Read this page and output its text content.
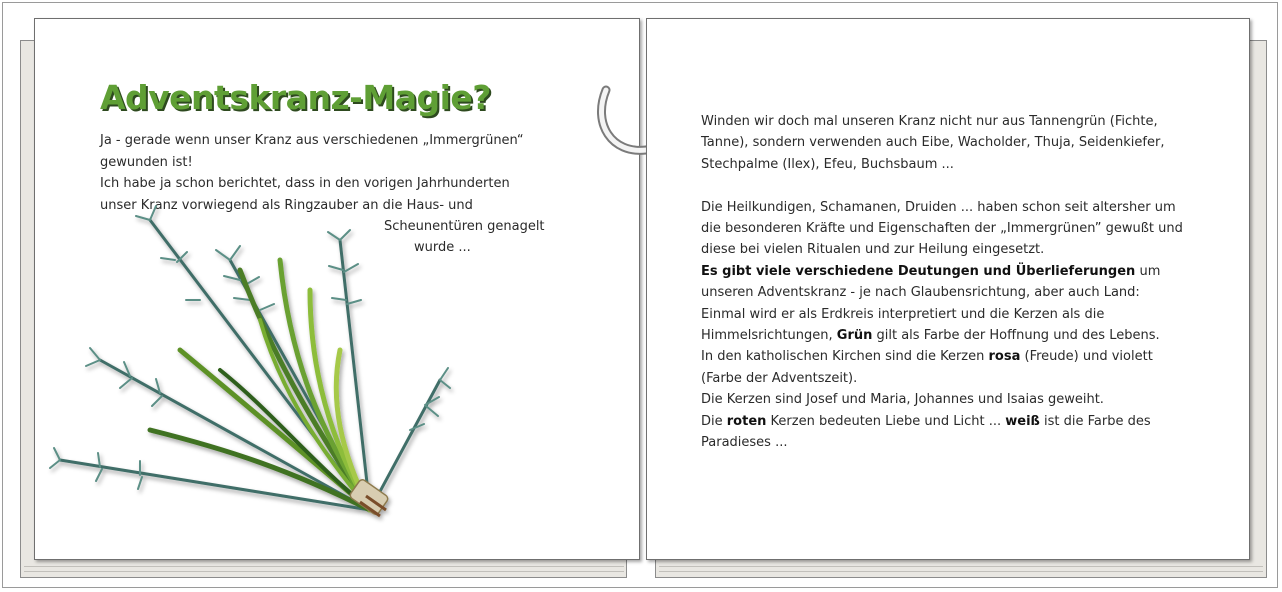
Adventskranz-Magie?

Ja - gerade wenn unser Kranz aus verschiedenen „Immergrünen“

gewunden ist!

Ich habe ja schon berichtet, dass in den vorigen Jahrhunderten

unser Kranz vorwiegend als Ringzauber an die Haus- und

Scheunentüren genagelt

wurde ...

Winden wir doch mal unseren Kranz nicht nur aus Tannengrün (Fichte, Tanne), sondern verwenden auch Eibe, Wacholder, Thuja, Seidenkiefer, Stechpalme (Ilex), Efeu, Buchsbaum ...

Die Heilkundigen, Schamanen, Druiden ... haben schon seit altersher um die besonderen Kräfte und Eigenschaften der „Immergrünen” gewußt und diese bei vielen Ritualen und zur Heilung eingesetzt.

Es gibt viele verschiedene Deutungen und Überlieferungen um unseren Adventskranz - je nach Glaubensrichtung, aber auch Land: Einmal wird er als Erdkreis interpretiert und die Kerzen als die Himmelsrichtungen, Grün gilt als Farbe der Hoffnung und des Lebens.

In den katholischen Kirchen sind die Kerzen rosa (Freude) und violett (Farbe der Adventszeit).

Die Kerzen sind Josef und Maria, Johannes und Isaias geweiht.

Die roten Kerzen bedeuten Liebe und Licht ... weiß ist die Farbe des Paradieses ...
